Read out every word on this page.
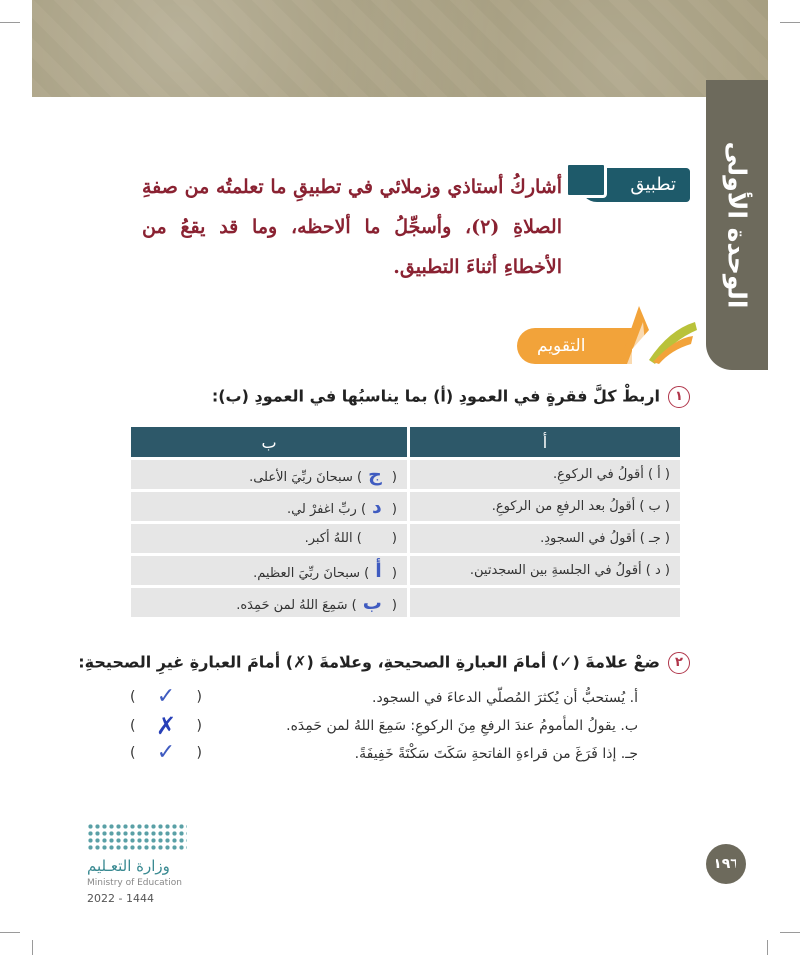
الوحدة الأولى
تطبيق
أشاركُ أستاذي وزملائي في تطبيقِ ما تعلمتُه من صفةِ الصلاةِ (٢)، وأسجِّلُ ما ألاحظه، وما قد يقعُ من الأخطاءِ أثناءَ التطبيق.
التقويم
١اربطْ كلَّ فقرةٍ في العمودِ (أ) بما يناسبُها في العمودِ (ب):
أ	ب
( أ ) أقولُ في الركوعِ.	( ج) سبحانَ ربِّيَ الأعلى.
( ب ) أقولُ بعد الرفعِ من الركوعِ.	( د) ربِّ اغفرْ لي.
( جـ ) أقولُ في السجودِ.	( ) اللهُ أكبر.
( د ) أقولُ في الجلسةِ بين السجدتين.	( أ) سبحانَ ربِّيَ العظيم.
	( ب) سَمِعَ اللهُ لمن حَمِدَه.
٢ضعْ علامةَ (✓) أمامَ العبارةِ الصحيحةِ، وعلامةَ (✗) أمامَ العبارةِ غيرِ الصحيحةِ:
أ. يُستحبُّ أن يُكثرَ المُصلّي الدعاءَ في السجود.
( ✓ )
ب. يقولُ المأمومُ عندَ الرفعِ مِنَ الركوعِ: سَمِعَ اللهُ لمن حَمِدَه.
( ✗ )
جـ. إذا فَرَغَ من قراءةِ الفاتحةِ سَكَتَ سَكْتَةً خَفِيفَةً.
( ✓ )
وزارة التعـليم
Ministry of Education
2022 - 1444
١٩٦
